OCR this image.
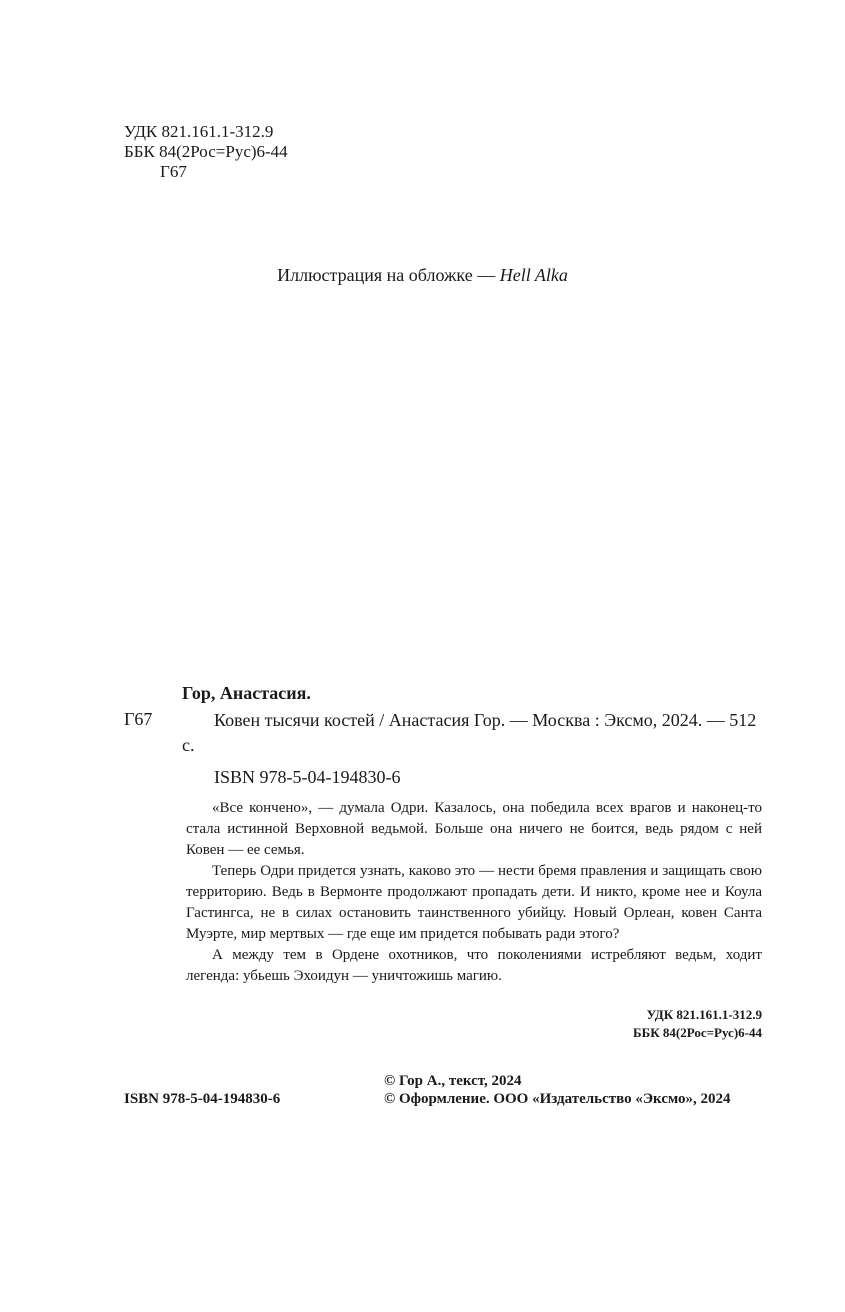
УДК 821.161.1-312.9
ББК 84(2Рос=Рус)6-44
Г67
Иллюстрация на обложке — Hell Alka
Гор, Анастасия.
Г67	Ковен тысячи костей / Анастасия Гор. — Москва : Эксмо, 2024. — 512 с.
ISBN 978-5-04-194830-6

«Все кончено», — думала Одри. Казалось, она победила всех врагов и наконец-то стала истинной Верховной ведьмой. Больше она ничего не боится, ведь рядом с ней Ковен — ее семья.

Теперь Одри придется узнать, каково это — нести бремя правления и защищать свою территорию. Ведь в Вермонте продолжают пропадать дети. И никто, кроме нее и Коула Гастингса, не в силах остановить таинственного убийцу. Новый Орлеан, ковен Санта Муэрте, мир мертвых — где еще им придется побывать ради этого?

А между тем в Ордене охотников, что поколениями истребляют ведьм, ходит легенда: убьешь Эхоидун — уничтожишь магию.

УДК 821.161.1-312.9
ББК 84(2Рос=Рус)6-44
ISBN 978-5-04-194830-6
© Гор А., текст, 2024
© Оформление. ООО «Издательство «Эксмо», 2024
